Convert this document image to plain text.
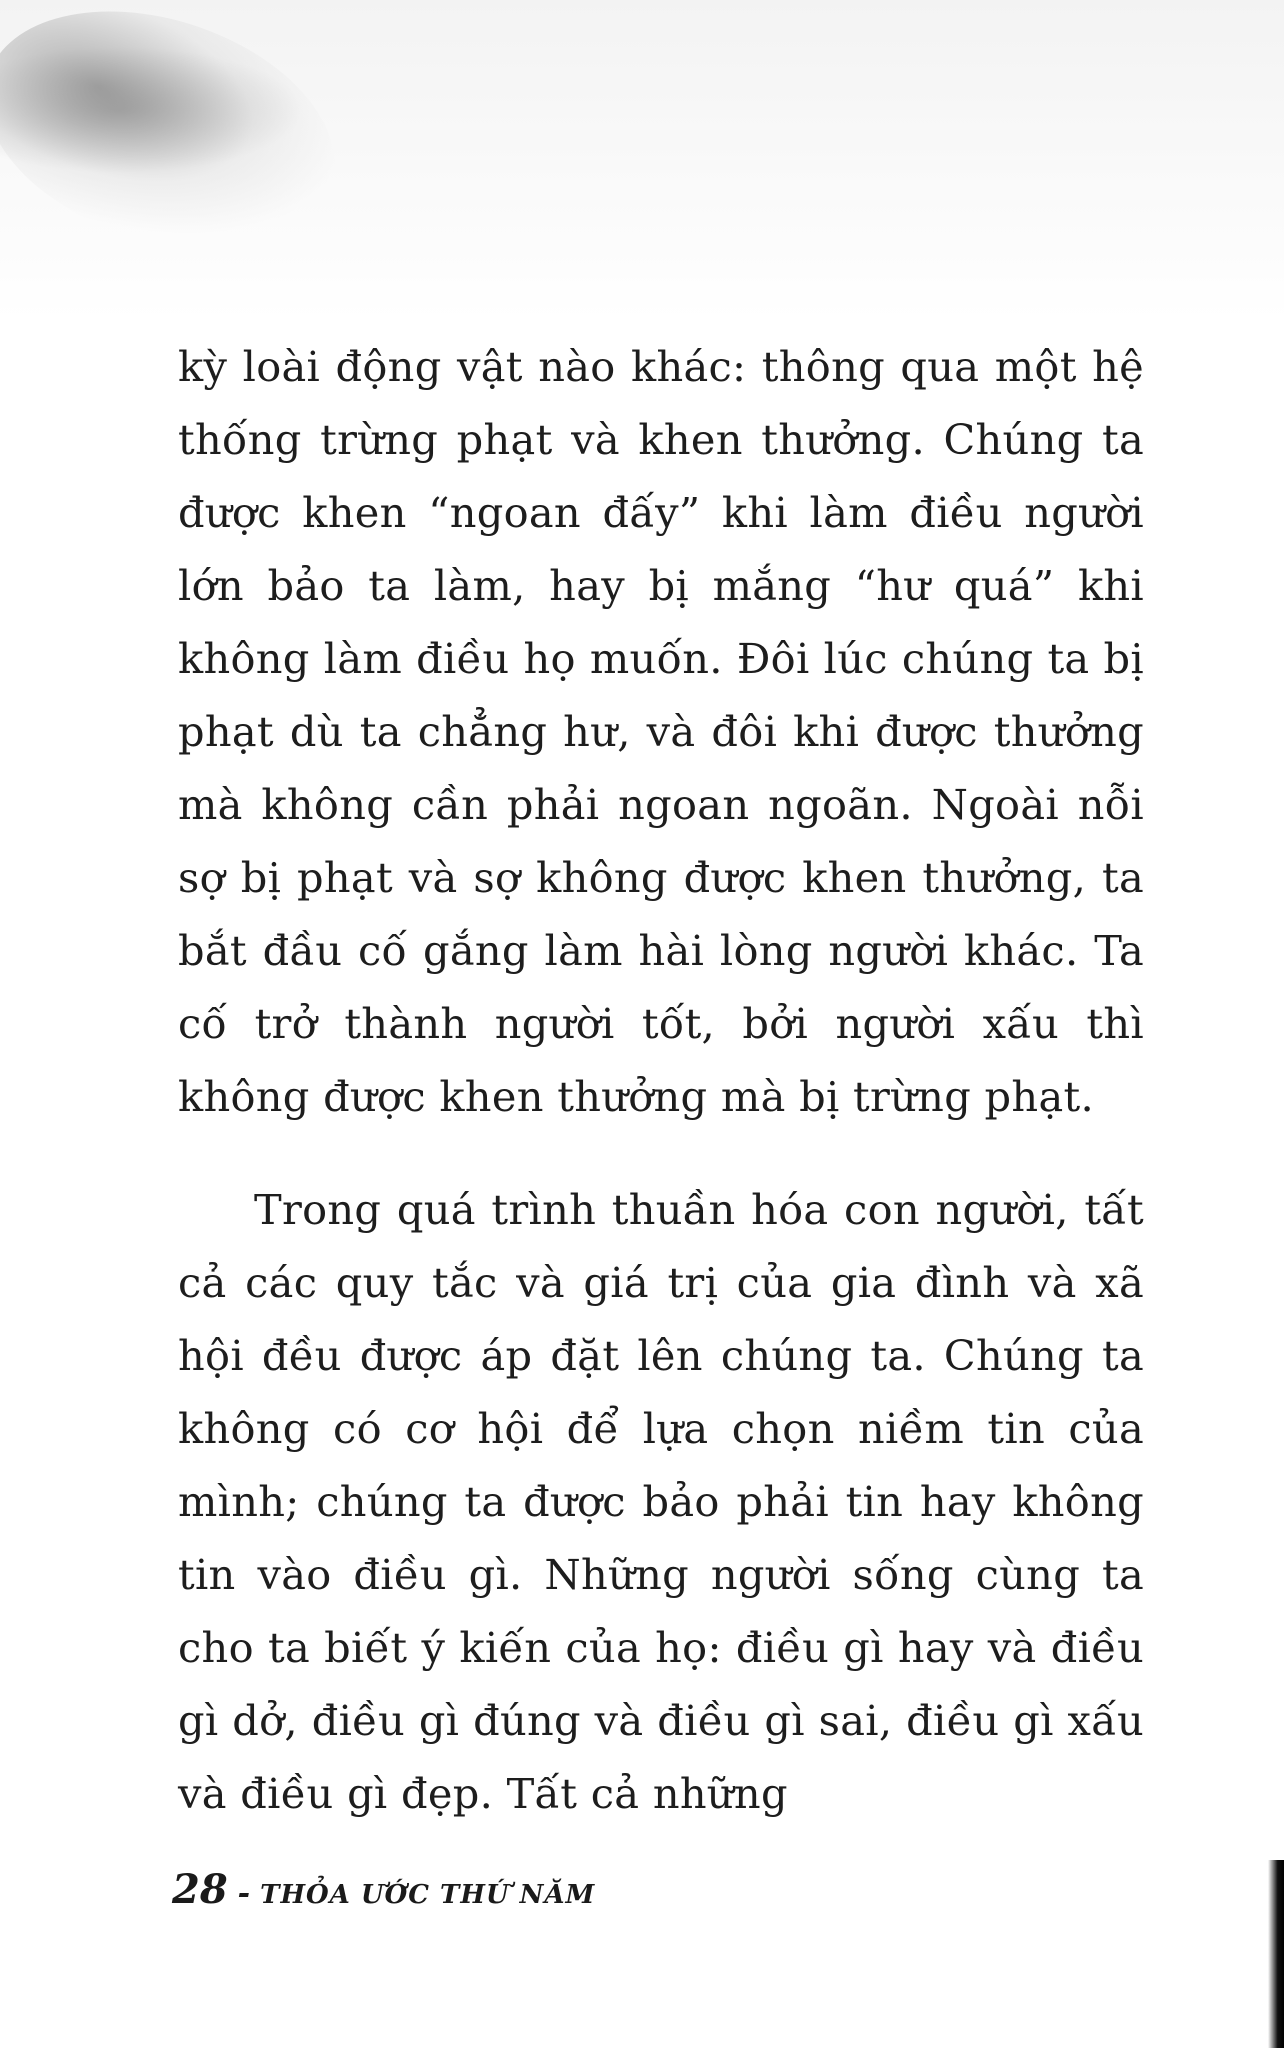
kỳ loài động vật nào khác: thông qua một hệ thống trừng phạt và khen thưởng. Chúng ta được khen “ngoan đấy” khi làm điều người lớn bảo ta làm, hay bị mắng “hư quá” khi không làm điều họ muốn. Đôi lúc chúng ta bị phạt dù ta chẳng hư, và đôi khi được thưởng mà không cần phải ngoan ngoãn. Ngoài nỗi sợ bị phạt và sợ không được khen thưởng, ta bắt đầu cố gắng làm hài lòng người khác. Ta cố trở thành người tốt, bởi người xấu thì không được khen thưởng mà bị trừng phạt.

Trong quá trình thuần hóa con người, tất cả các quy tắc và giá trị của gia đình và xã hội đều được áp đặt lên chúng ta. Chúng ta không có cơ hội để lựa chọn niềm tin của mình; chúng ta được bảo phải tin hay không tin vào điều gì. Những người sống cùng ta cho ta biết ý kiến của họ: điều gì hay và điều gì dở, điều gì đúng và điều gì sai, điều gì xấu và điều gì đẹp. Tất cả những

28 - THỎA ƯỚC THỨ NĂM
